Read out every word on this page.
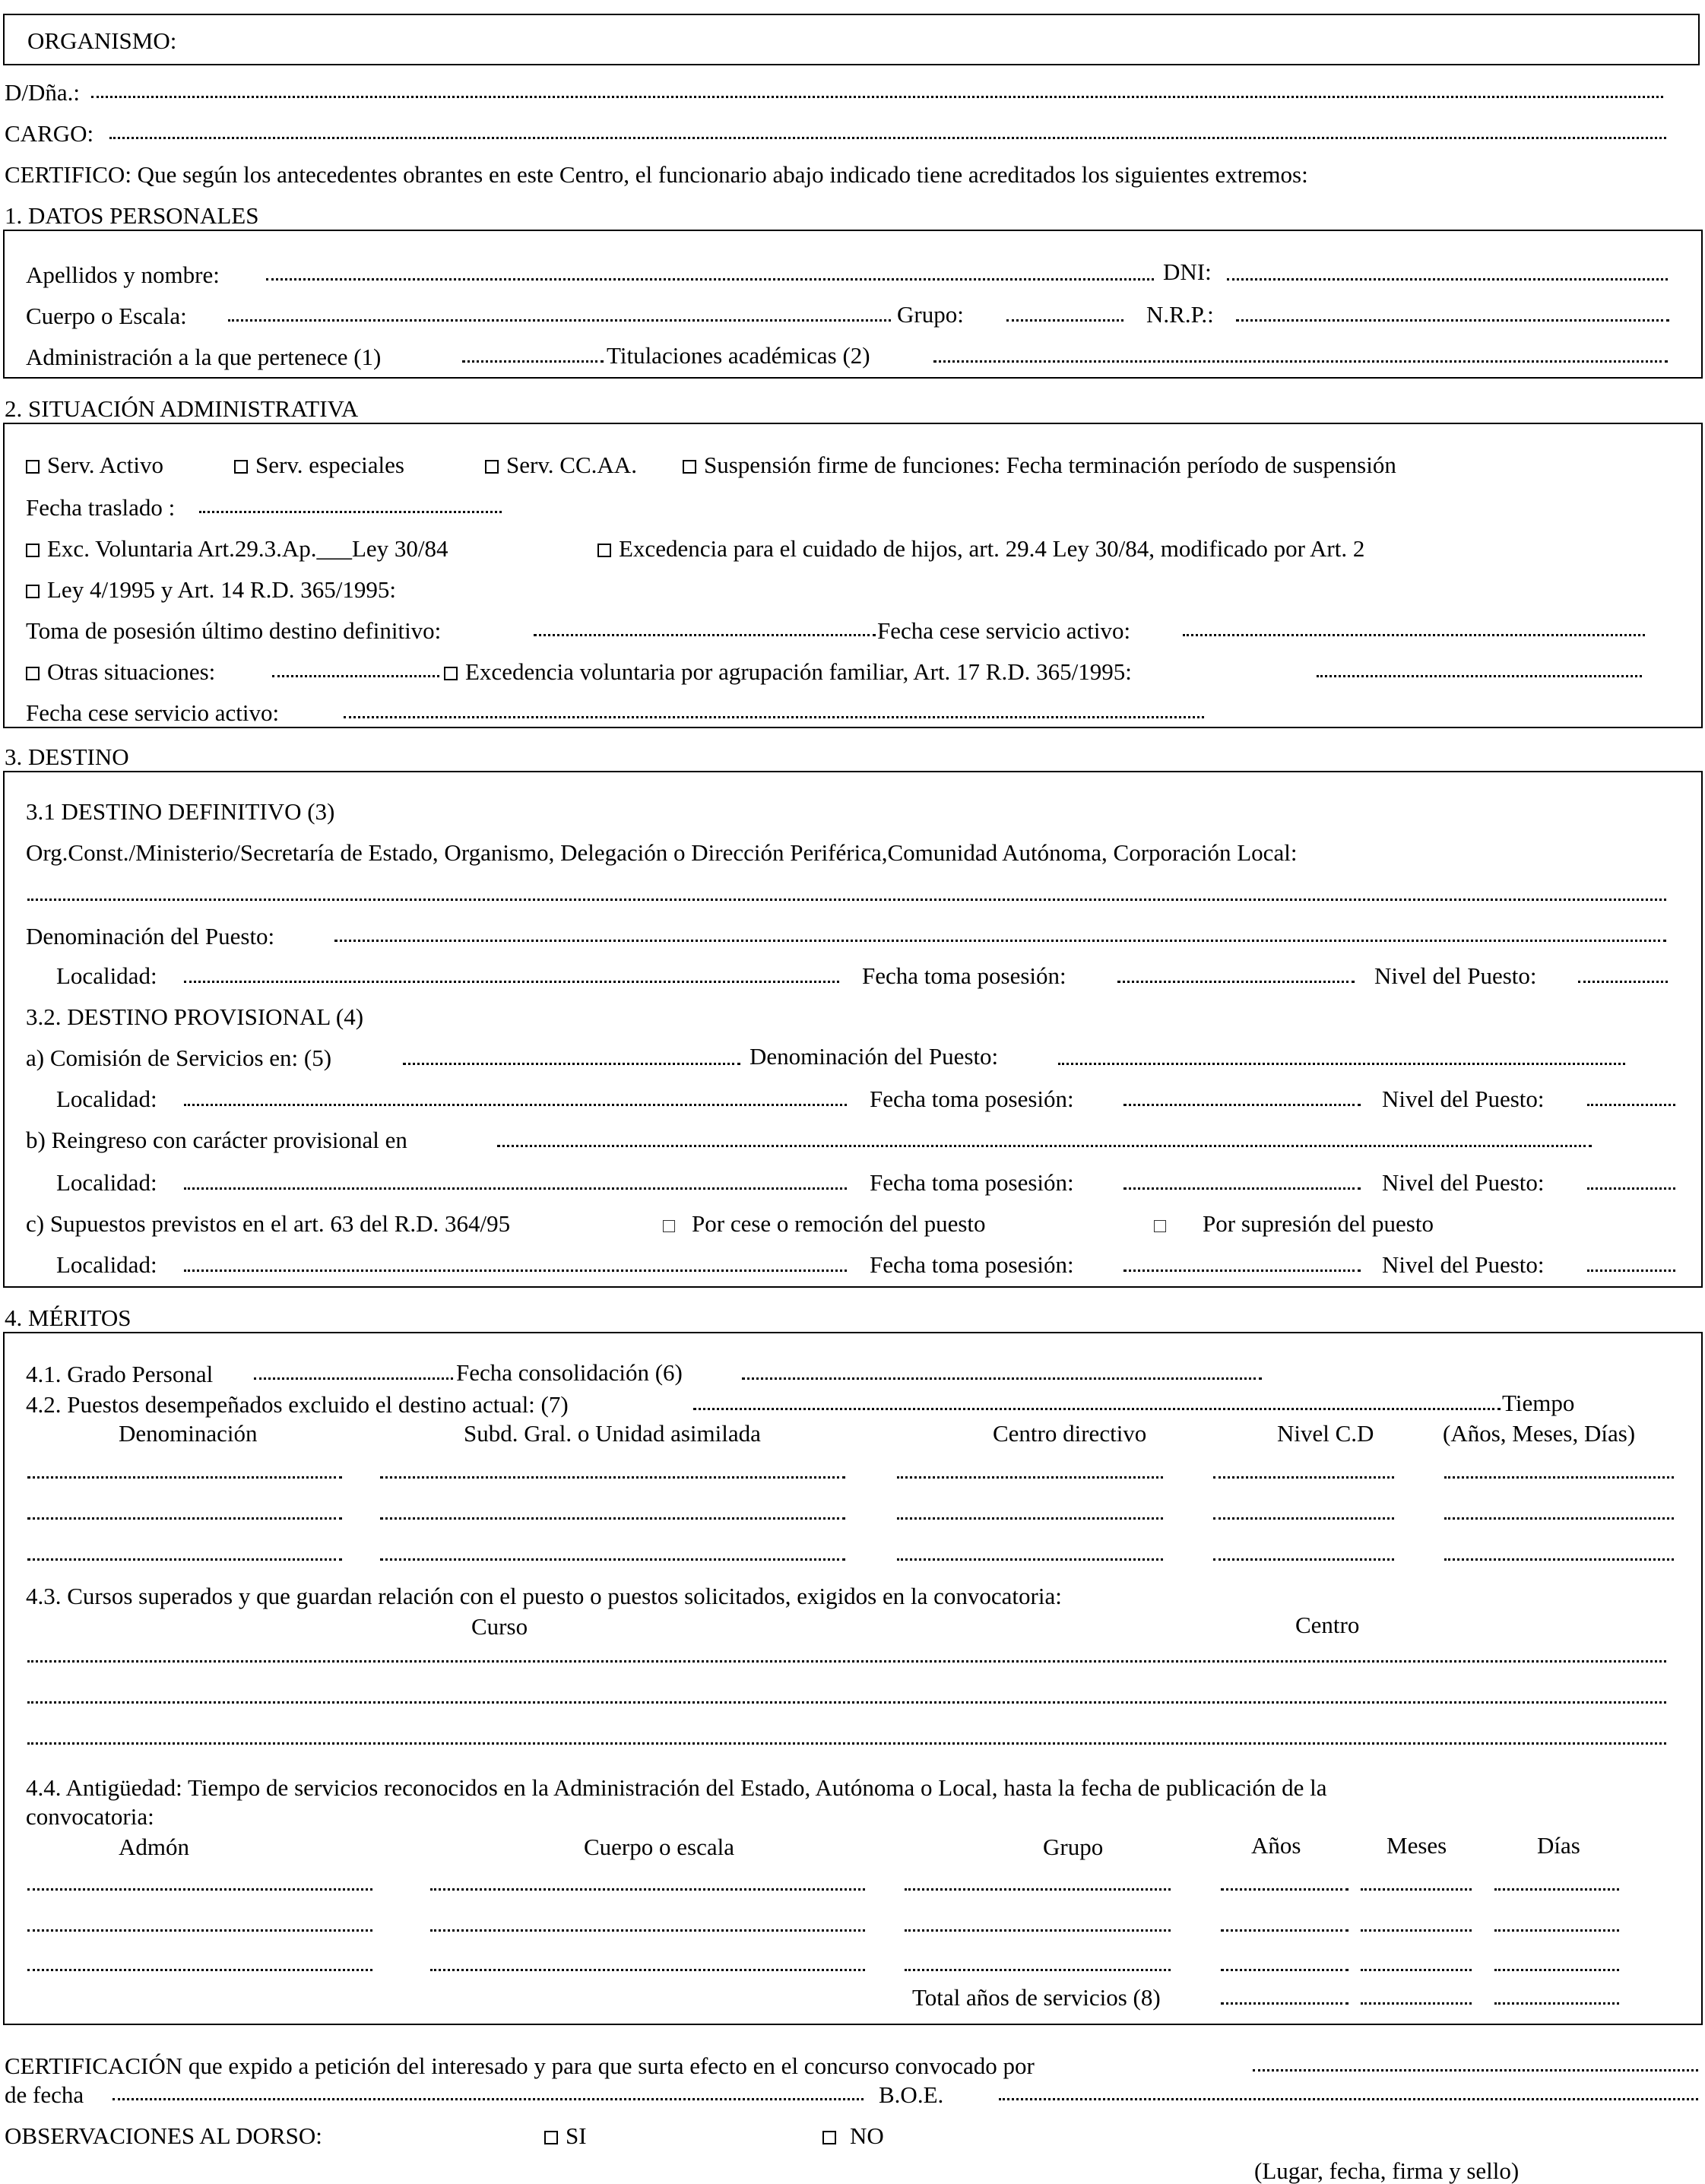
ORGANISMO:
D/Dña.:
CARGO:
CERTIFICO: Que según los antecedentes obrantes en este Centro, el funcionario abajo indicado tiene acreditados los siguientes extremos:
1. DATOS PERSONALES
Apellidos y nombre:	DNI:
Cuerpo o Escala:	Grupo:	N.R.P.:
Administración a la que pertenece (1)	Titulaciones académicas (2)
2. SITUACIÓN ADMINISTRATIVA
Serv. Activo	Serv. especiales	Serv. CC.AA.	Suspensión firme de funciones: Fecha terminación período de suspensión
Fecha traslado :
Exc. Voluntaria Art.29.3.Ap.___Ley 30/84	Excedencia para el cuidado de hijos, art. 29.4 Ley 30/84, modificado por Art. 2
Ley 4/1995 y Art. 14 R.D. 365/1995:
Toma de posesión último destino definitivo:	Fecha cese servicio activo:
Otras situaciones:	Excedencia voluntaria por agrupación familiar, Art. 17 R.D. 365/1995:
Fecha cese servicio activo:
3. DESTINO
3.1 DESTINO DEFINITIVO (3)
Org.Const./Ministerio/Secretaría de Estado, Organismo, Delegación o Dirección Periférica,Comunidad Autónoma, Corporación Local:
Denominación del Puesto:
Localidad:	Fecha toma posesión:	Nivel del Puesto:
3.2. DESTINO PROVISIONAL (4)
a) Comisión de Servicios en: (5)	Denominación del Puesto:
Localidad:	Fecha toma posesión:	Nivel del Puesto:
b) Reingreso con carácter provisional en
Localidad:	Fecha toma posesión:	Nivel del Puesto:
c) Supuestos previstos en el art. 63 del R.D. 364/95	Por cese o remoción del puesto	Por supresión del puesto
Localidad:	Fecha toma posesión:	Nivel del Puesto:
4. MÉRITOS
4.1. Grado Personal	Fecha consolidación (6)
4.2. Puestos desempeñados excluido el destino actual: (7)	Tiempo
Denominación	Subd. Gral. o Unidad asimilada	Centro directivo	Nivel C.D	(Años, Meses, Días)
4.3. Cursos superados y que guardan relación con el puesto o puestos solicitados, exigidos en la convocatoria:
Curso	Centro
4.4. Antigüedad: Tiempo de servicios reconocidos en la Administración del Estado, Autónoma o Local, hasta la fecha de publicación de la
convocatoria:
Admón	Cuerpo o escala	Grupo	Años	Meses	Días
Total años de servicios (8)
CERTIFICACIÓN que expido a petición del interesado y para que surta efecto en el concurso convocado por
de fecha	B.O.E.
OBSERVACIONES AL DORSO:	SI	NO
(Lugar, fecha, firma y sello)
